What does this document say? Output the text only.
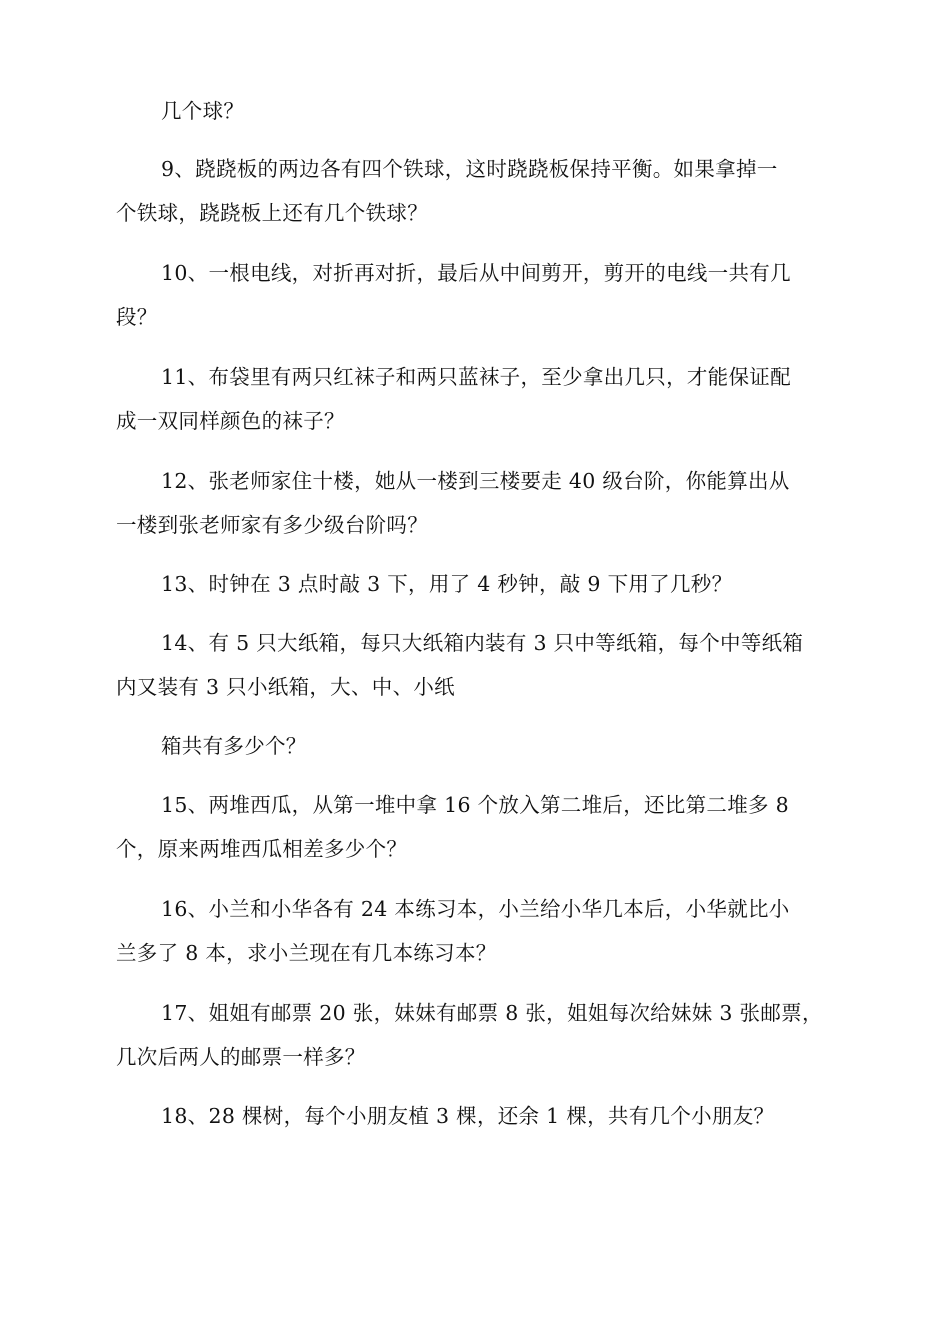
几个球？
9、跷跷板的两边各有四个铁球，这时跷跷板保持平衡。如果拿掉一
个铁球，跷跷板上还有几个铁球？
10、一根电线，对折再对折，最后从中间剪开，剪开的电线一共有几
段？
11、布袋里有两只红袜子和两只蓝袜子，至少拿出几只，才能保证配
成一双同样颜色的袜子？
12、张老师家住十楼，她从一楼到三楼要走 40 级台阶，你能算出从
一楼到张老师家有多少级台阶吗？
13、时钟在 3 点时敲 3 下，用了 4 秒钟，敲 9 下用了几秒？
14、有 5 只大纸箱，每只大纸箱内装有 3 只中等纸箱，每个中等纸箱
内又装有 3 只小纸箱，大、中、小纸
箱共有多少个？
15、两堆西瓜，从第一堆中拿 16 个放入第二堆后，还比第二堆多 8
个，原来两堆西瓜相差多少个？
16、小兰和小华各有 24 本练习本，小兰给小华几本后，小华就比小
兰多了 8 本，求小兰现在有几本练习本？
17、姐姐有邮票 20 张，妹妹有邮票 8 张，姐姐每次给妹妹 3 张邮票，
几次后两人的邮票一样多？
18、28 棵树，每个小朋友植 3 棵，还余 1 棵，共有几个小朋友？
